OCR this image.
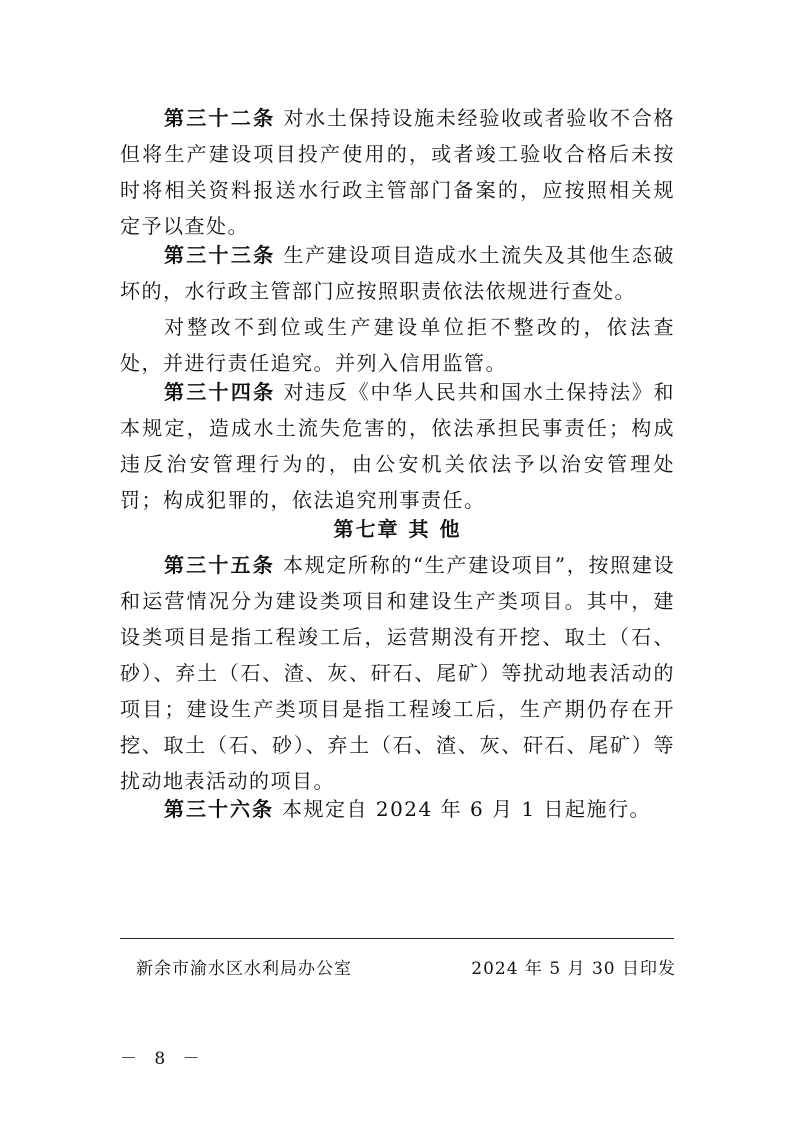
第三十二条 对水土保持设施未经验收或者验收不合格但将生产建设项目投产使用的，或者竣工验收合格后未按时将相关资料报送水行政主管部门备案的，应按照相关规定予以查处。

第三十三条 生产建设项目造成水土流失及其他生态破坏的，水行政主管部门应按照职责依法依规进行查处。

对整改不到位或生产建设单位拒不整改的，依法查处，并进行责任追究。并列入信用监管。

第三十四条 对违反《中华人民共和国水土保持法》和本规定，造成水土流失危害的，依法承担民事责任；构成违反治安管理行为的，由公安机关依法予以治安管理处罚；构成犯罪的，依法追究刑事责任。

第七章 其 他

第三十五条 本规定所称的“生产建设项目”，按照建设和运营情况分为建设类项目和建设生产类项目。其中，建设类项目是指工程竣工后，运营期没有开挖、取土（石、砂）、弃土（石、渣、灰、矸石、尾矿）等扰动地表活动的项目；建设生产类项目是指工程竣工后，生产期仍存在开挖、取土（石、砂）、弃土（石、渣、灰、矸石、尾矿）等扰动地表活动的项目。

第三十六条 本规定自 2024 年 6 月 1 日起施行。

新余市渝水区水利局办公室	2024 年 5 月 30 日印发
－ 8 －
